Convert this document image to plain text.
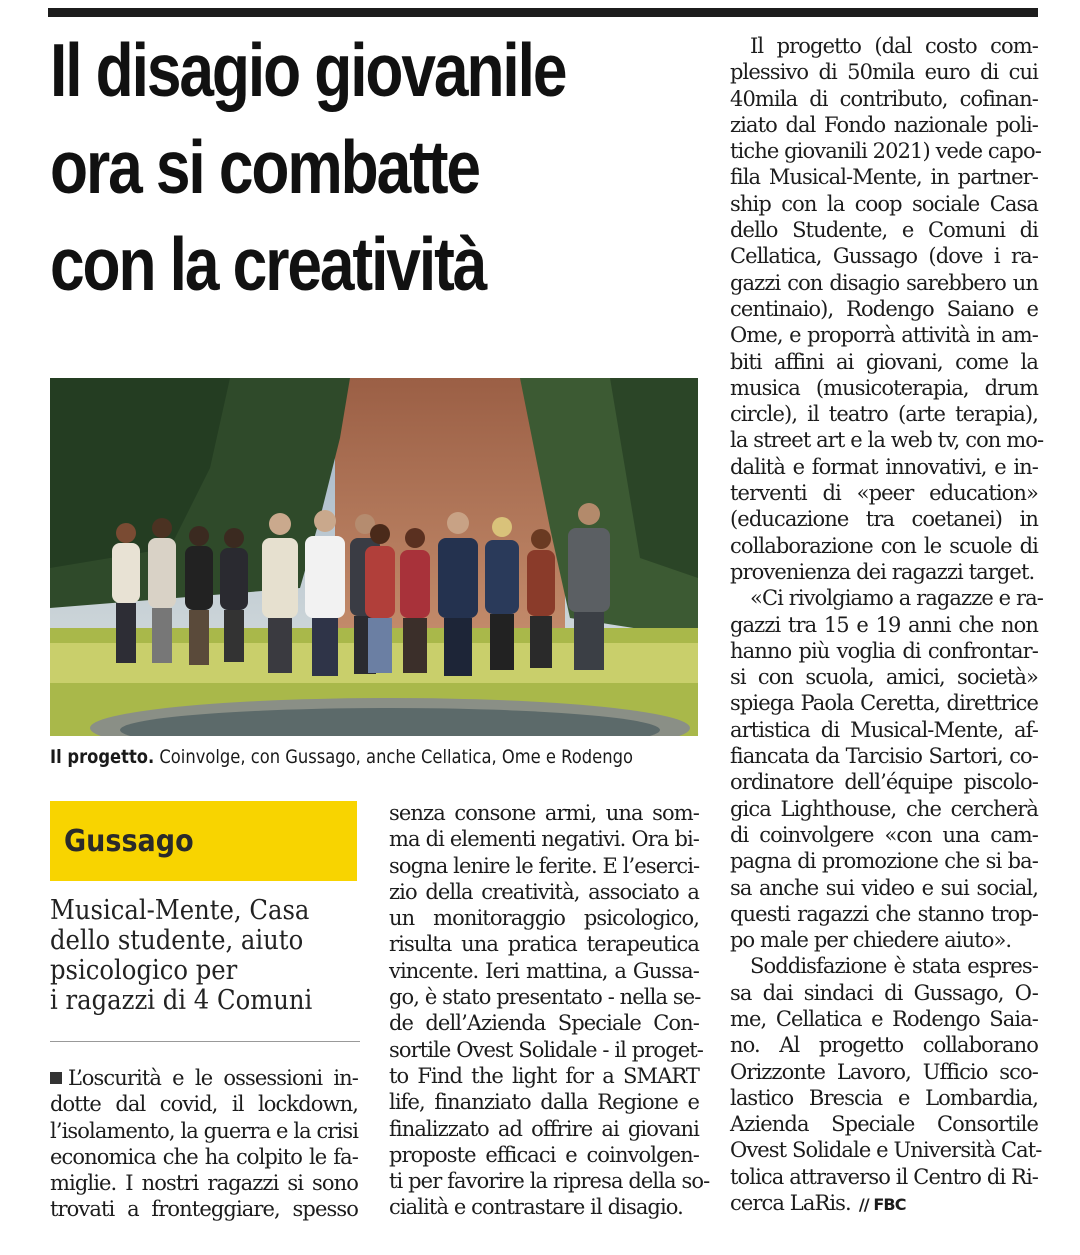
Il disagio giovanile
ora si combatte
con la creatività
Il progetto. Coinvolge, con Gussago, anche Cellatica, Ome e Rodengo
Gussago
Musical-Mente, Casa
dello studente, aiuto
psicologico per
i ragazzi di 4 Comuni
L’oscurità e le ossessioni in-
dotte dal covid, il lockdown,
l’isolamento, la guerra e la crisi
economica che ha colpito le fa-
miglie. I nostri ragazzi si sono
trovati a fronteggiare, spesso
senza consone armi, una som-
ma di elementi negativi. Ora bi-
sogna lenire le ferite. E l’eserci-
zio della creatività, associato a
un monitoraggio psicologico,
risulta una pratica terapeutica
vincente. Ieri mattina, a Gussa-
go, è stato presentato - nella se-
de dell’Azienda Speciale Con-
sortile Ovest Solidale - il proget-
to Find the light for a SMART
life, finanziato dalla Regione e
finalizzato ad offrire ai giovani
proposte efficaci e coinvolgen-
ti per favorire la ripresa della so-
cialità e contrastare il disagio.
Il progetto (dal costo com-
plessivo di 50mila euro di cui
40mila di contributo, cofinan-
ziato dal Fondo nazionale poli-
tiche giovanili 2021) vede capo-
fila Musical-Mente, in partner-
ship con la coop sociale Casa
dello Studente, e Comuni di
Cellatica, Gussago (dove i ra-
gazzi con disagio sarebbero un
centinaio), Rodengo Saiano e
Ome, e proporrà attività in am-
biti affini ai giovani, come la
musica (musicoterapia, drum
circle), il teatro (arte terapia),
la street art e la web tv, con mo-
dalità e format innovativi, e in-
terventi di «peer education»
(educazione tra coetanei) in
collaborazione con le scuole di
provenienza dei ragazzi target.
«Ci rivolgiamo a ragazze e ra-
gazzi tra 15 e 19 anni che non
hanno più voglia di confrontar-
si con scuola, amici, società»
spiega Paola Ceretta, direttrice
artistica di Musical-Mente, af-
fiancata da Tarcisio Sartori, co-
ordinatore dell’équipe piscolo-
gica Lighthouse, che cercherà
di coinvolgere «con una cam-
pagna di promozione che si ba-
sa anche sui video e sui social,
questi ragazzi che stanno trop-
po male per chiedere aiuto».
Soddisfazione è stata espres-
sa dai sindaci di Gussago, O-
me, Cellatica e Rodengo Saia-
no. Al progetto collaborano
Orizzonte Lavoro, Ufficio sco-
lastico Brescia e Lombardia,
Azienda Speciale Consortile
Ovest Solidale e Università Cat-
tolica attraverso il Centro di Ri-
cerca LaRis. // FBC
